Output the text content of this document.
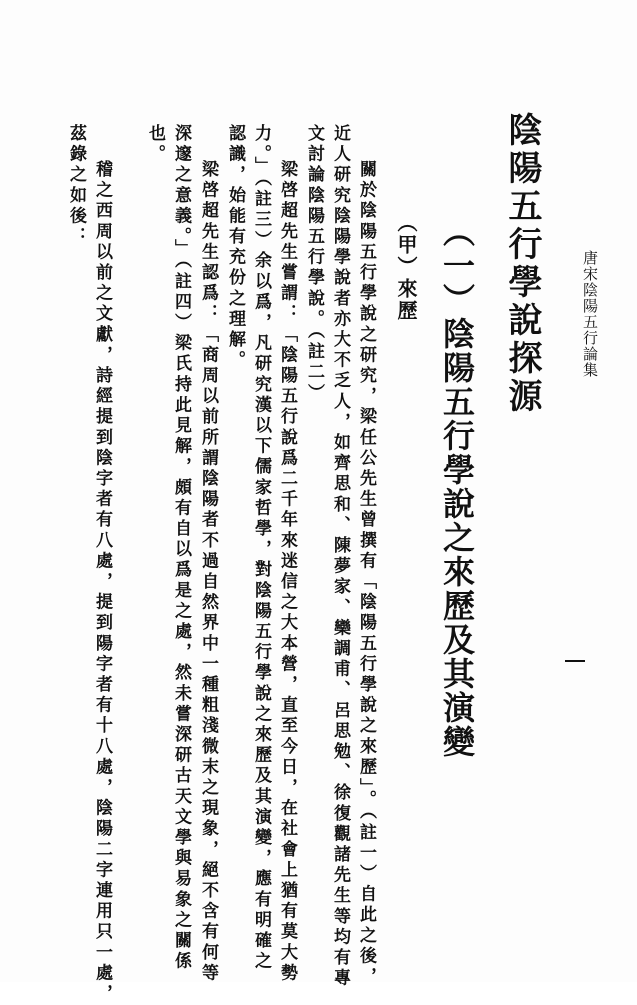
唐宋陰陽五行論集
陰陽五行學說探源
（一）陰陽五行學說之來歷及其演變
（甲）來歷
關於陰陽五行學說之研究，梁任公先生曾撰有「陰陽五行學說之來歷」。（註一）自此之後，
近人研究陰陽學說者亦大不乏人，如齊思和、陳夢家、欒調甫、呂思勉、徐復觀諸先生等均有專
文討論陰陽五行學說。（註二）
梁啓超先生嘗謂：「陰陽五行說爲二千年來迷信之大本營，直至今日，在社會上猶有莫大勢
力。」（註三）余以爲，凡研究漢以下儒家哲學，對陰陽五行學說之來歷及其演變，應有明確之
認識，始能有充份之理解。
梁啓超先生認爲：「商周以前所謂陰陽者不過自然界中一種粗淺微末之現象，絕不含有何等
深邃之意義。」（註四）梁氏持此見解，頗有自以爲是之處，然未嘗深研古天文學與易象之關係
也。
稽之西周以前之文獻，詩經提到陰字者有八處，提到陽字者有十八處，陰陽二字連用只一處，
茲錄之如後：
